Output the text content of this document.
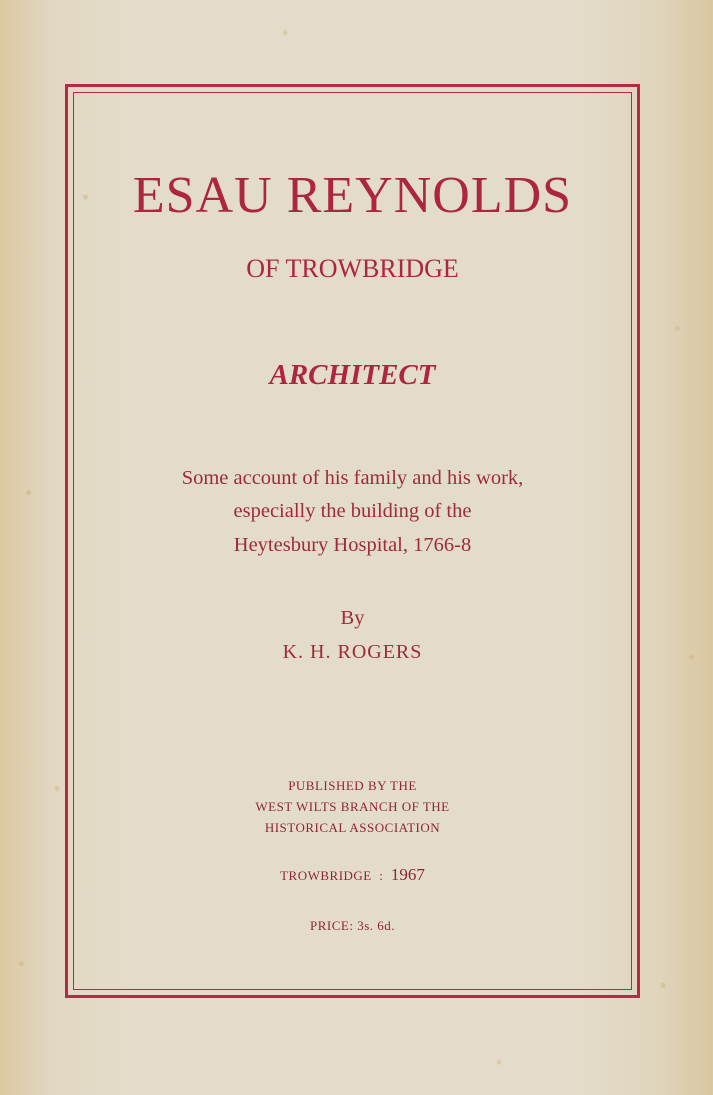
ESAU REYNOLDS
OF TROWBRIDGE
ARCHITECT
Some account of his family and his work,
especially the building of the
Heytesbury Hospital, 1766-8
By
K. H. ROGERS
PUBLISHED BY THE
WEST WILTS BRANCH OF THE
HISTORICAL ASSOCIATION
TROWBRIDGE : 1967
PRICE: 3s. 6d.
